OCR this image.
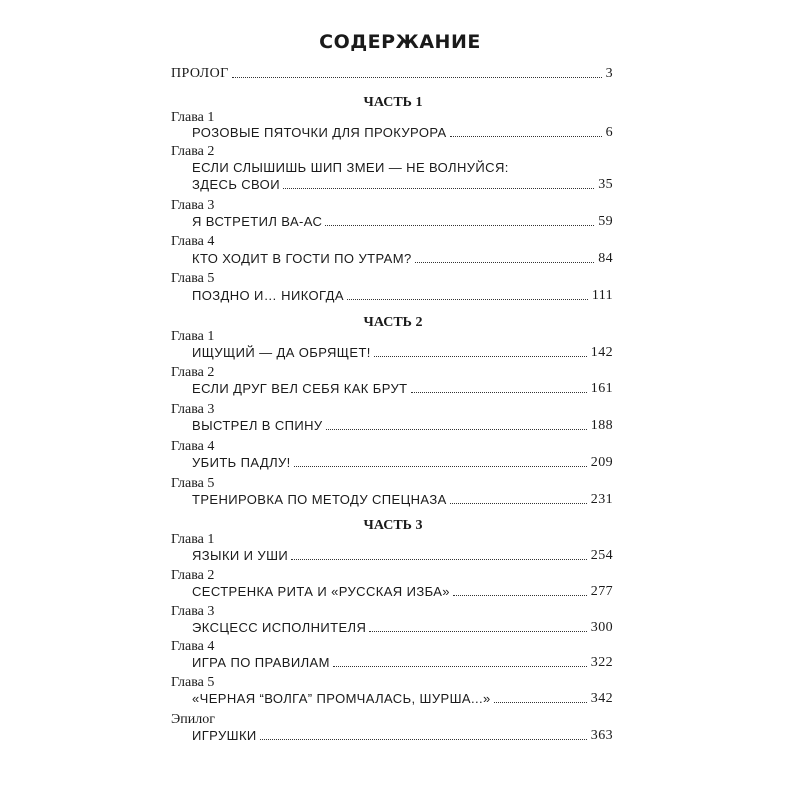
СОДЕРЖАНИЕ
ПРОЛОГ	3
ЧАСТЬ 1
Глава 1
РОЗОВЫЕ ПЯТОЧКИ ДЛЯ ПРОКУРОРА	6
Глава 2
ЕСЛИ СЛЫШИШЬ ШИП ЗМЕИ — НЕ ВОЛНУЙСЯ:
ЗДЕСЬ СВОИ	35
Глава 3
Я ВСТРЕТИЛ ВА-АС	59
Глава 4
КТО ХОДИТ В ГОСТИ ПО УТРАМ?	84
Глава 5
ПОЗДНО И… НИКОГДА	111
ЧАСТЬ 2
Глава 1
ИЩУЩИЙ — ДА ОБРЯЩЕТ!	142
Глава 2
ЕСЛИ ДРУГ ВЕЛ СЕБЯ КАК БРУТ	161
Глава 3
ВЫСТРЕЛ В СПИНУ	188
Глава 4
УБИТЬ ПАДЛУ!	209
Глава 5
ТРЕНИРОВКА ПО МЕТОДУ СПЕЦНАЗА	231
ЧАСТЬ 3
Глава 1
ЯЗЫКИ И УШИ	254
Глава 2
СЕСТРЕНКА РИТА И «РУССКАЯ ИЗБА»	277
Глава 3
ЭКСЦЕСС ИСПОЛНИТЕЛЯ	300
Глава 4
ИГРА ПО ПРАВИЛАМ	322
Глава 5
«ЧЕРНАЯ “ВОЛГА” ПРОМЧАЛАСЬ, ШУРША...»	342
Эпилог
ИГРУШКИ	363
